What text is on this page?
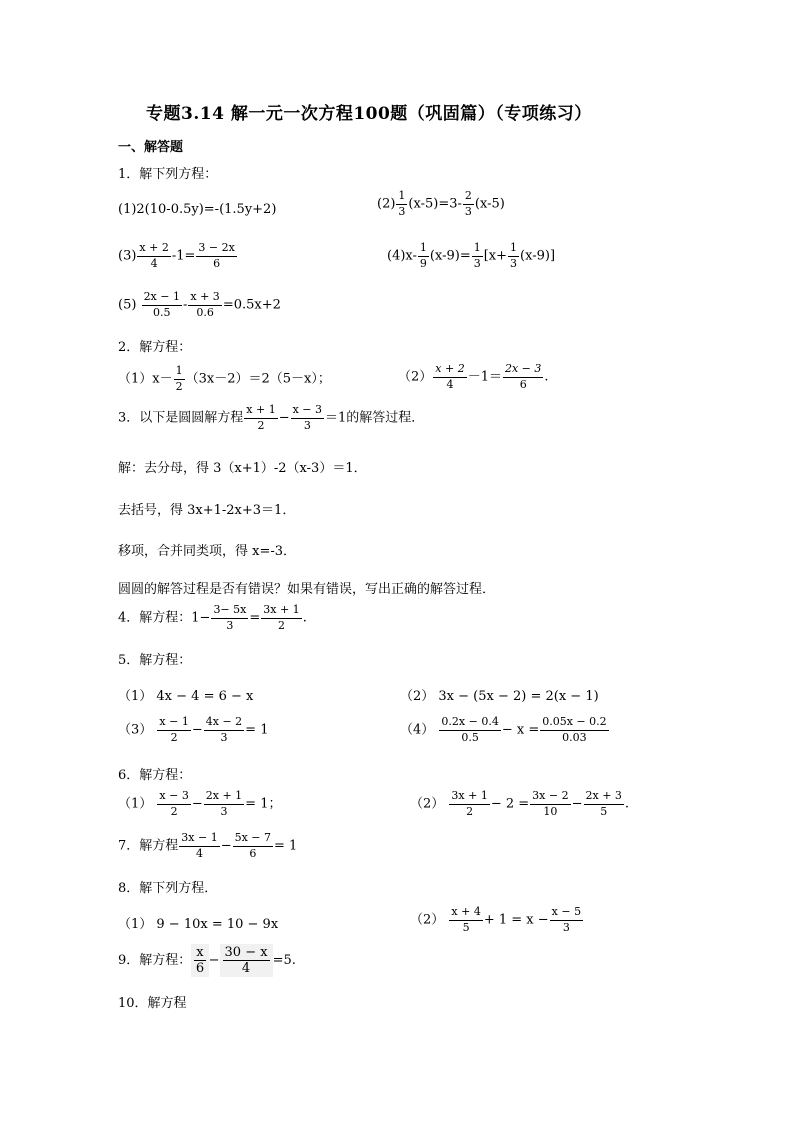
专题3.14 解一元一次方程100题（巩固篇）（专项练习）
一、解答题
1．解下列方程：
(1)2(10-0.5y)=-(1.5y+2)	$(2) \frac{1}{3} (x-5)=3- \frac{2}{3} (x-5)$
$(3) \frac{x + 2}{4} -1= \frac{3 - 2x}{6}$	$(4)x- \frac{1}{9} (x-9)= \frac{1}{3} [x+ \frac{1}{3} (x-9)]$
$(5) \frac{2x - 1}{0.5} - \frac{x + 3}{0.6} =0.5x+2$
2．解方程：
$(1)x- \frac{1}{2} (3x-2)=2(5-x)$；	$(2) \frac{x + 2}{4} -1= \frac{2x - 3}{6}$ .
3．以下是圆圆解方程 $\frac{x + 1}{2} - \frac{x - 3}{3} =1$的解答过程．
解：去分母，得 3（x+1）-2（x-3）＝1．
去括号，得 3x+1-2x+3＝1．
移项，合并同类项，得 x=-3．
圆圆的解答过程是否有错误？如果有错误，写出正确的解答过程．
4．解方程：$1- \frac{3- 5x}{3} = \frac{3x + 1}{2}$ .
5．解方程：
（1） 4x − 4 = 6 − x	（2） 3x − (5x − 2) = 2(x − 1)
$(3) \frac{x - 1}{2} - \frac{4x - 2}{3} = 1$	$(4) \frac{0.2x - 0.4}{0.5} - x = \frac{0.05x - 0.2}{0.03}$
6．解方程：
$(1) \frac{x - 3}{2} - \frac{2x + 1}{3} = 1$；	$(2) \frac{3x + 1}{2} - 2 = \frac{3x - 2}{10} - \frac{2x + 3}{5}$ .
7．解方程 $\frac{3x - 1}{4} - \frac{5x - 7}{6} = 1$
8．解下列方程．
（1） 9 − 10x = 10 − 9x	$(2) \frac{x + 4}{5} + 1 = x - \frac{x - 5}{3}$
9．解方程： $\frac{x}{6} - \frac{30 - x}{4} =5$.
10．解方程
